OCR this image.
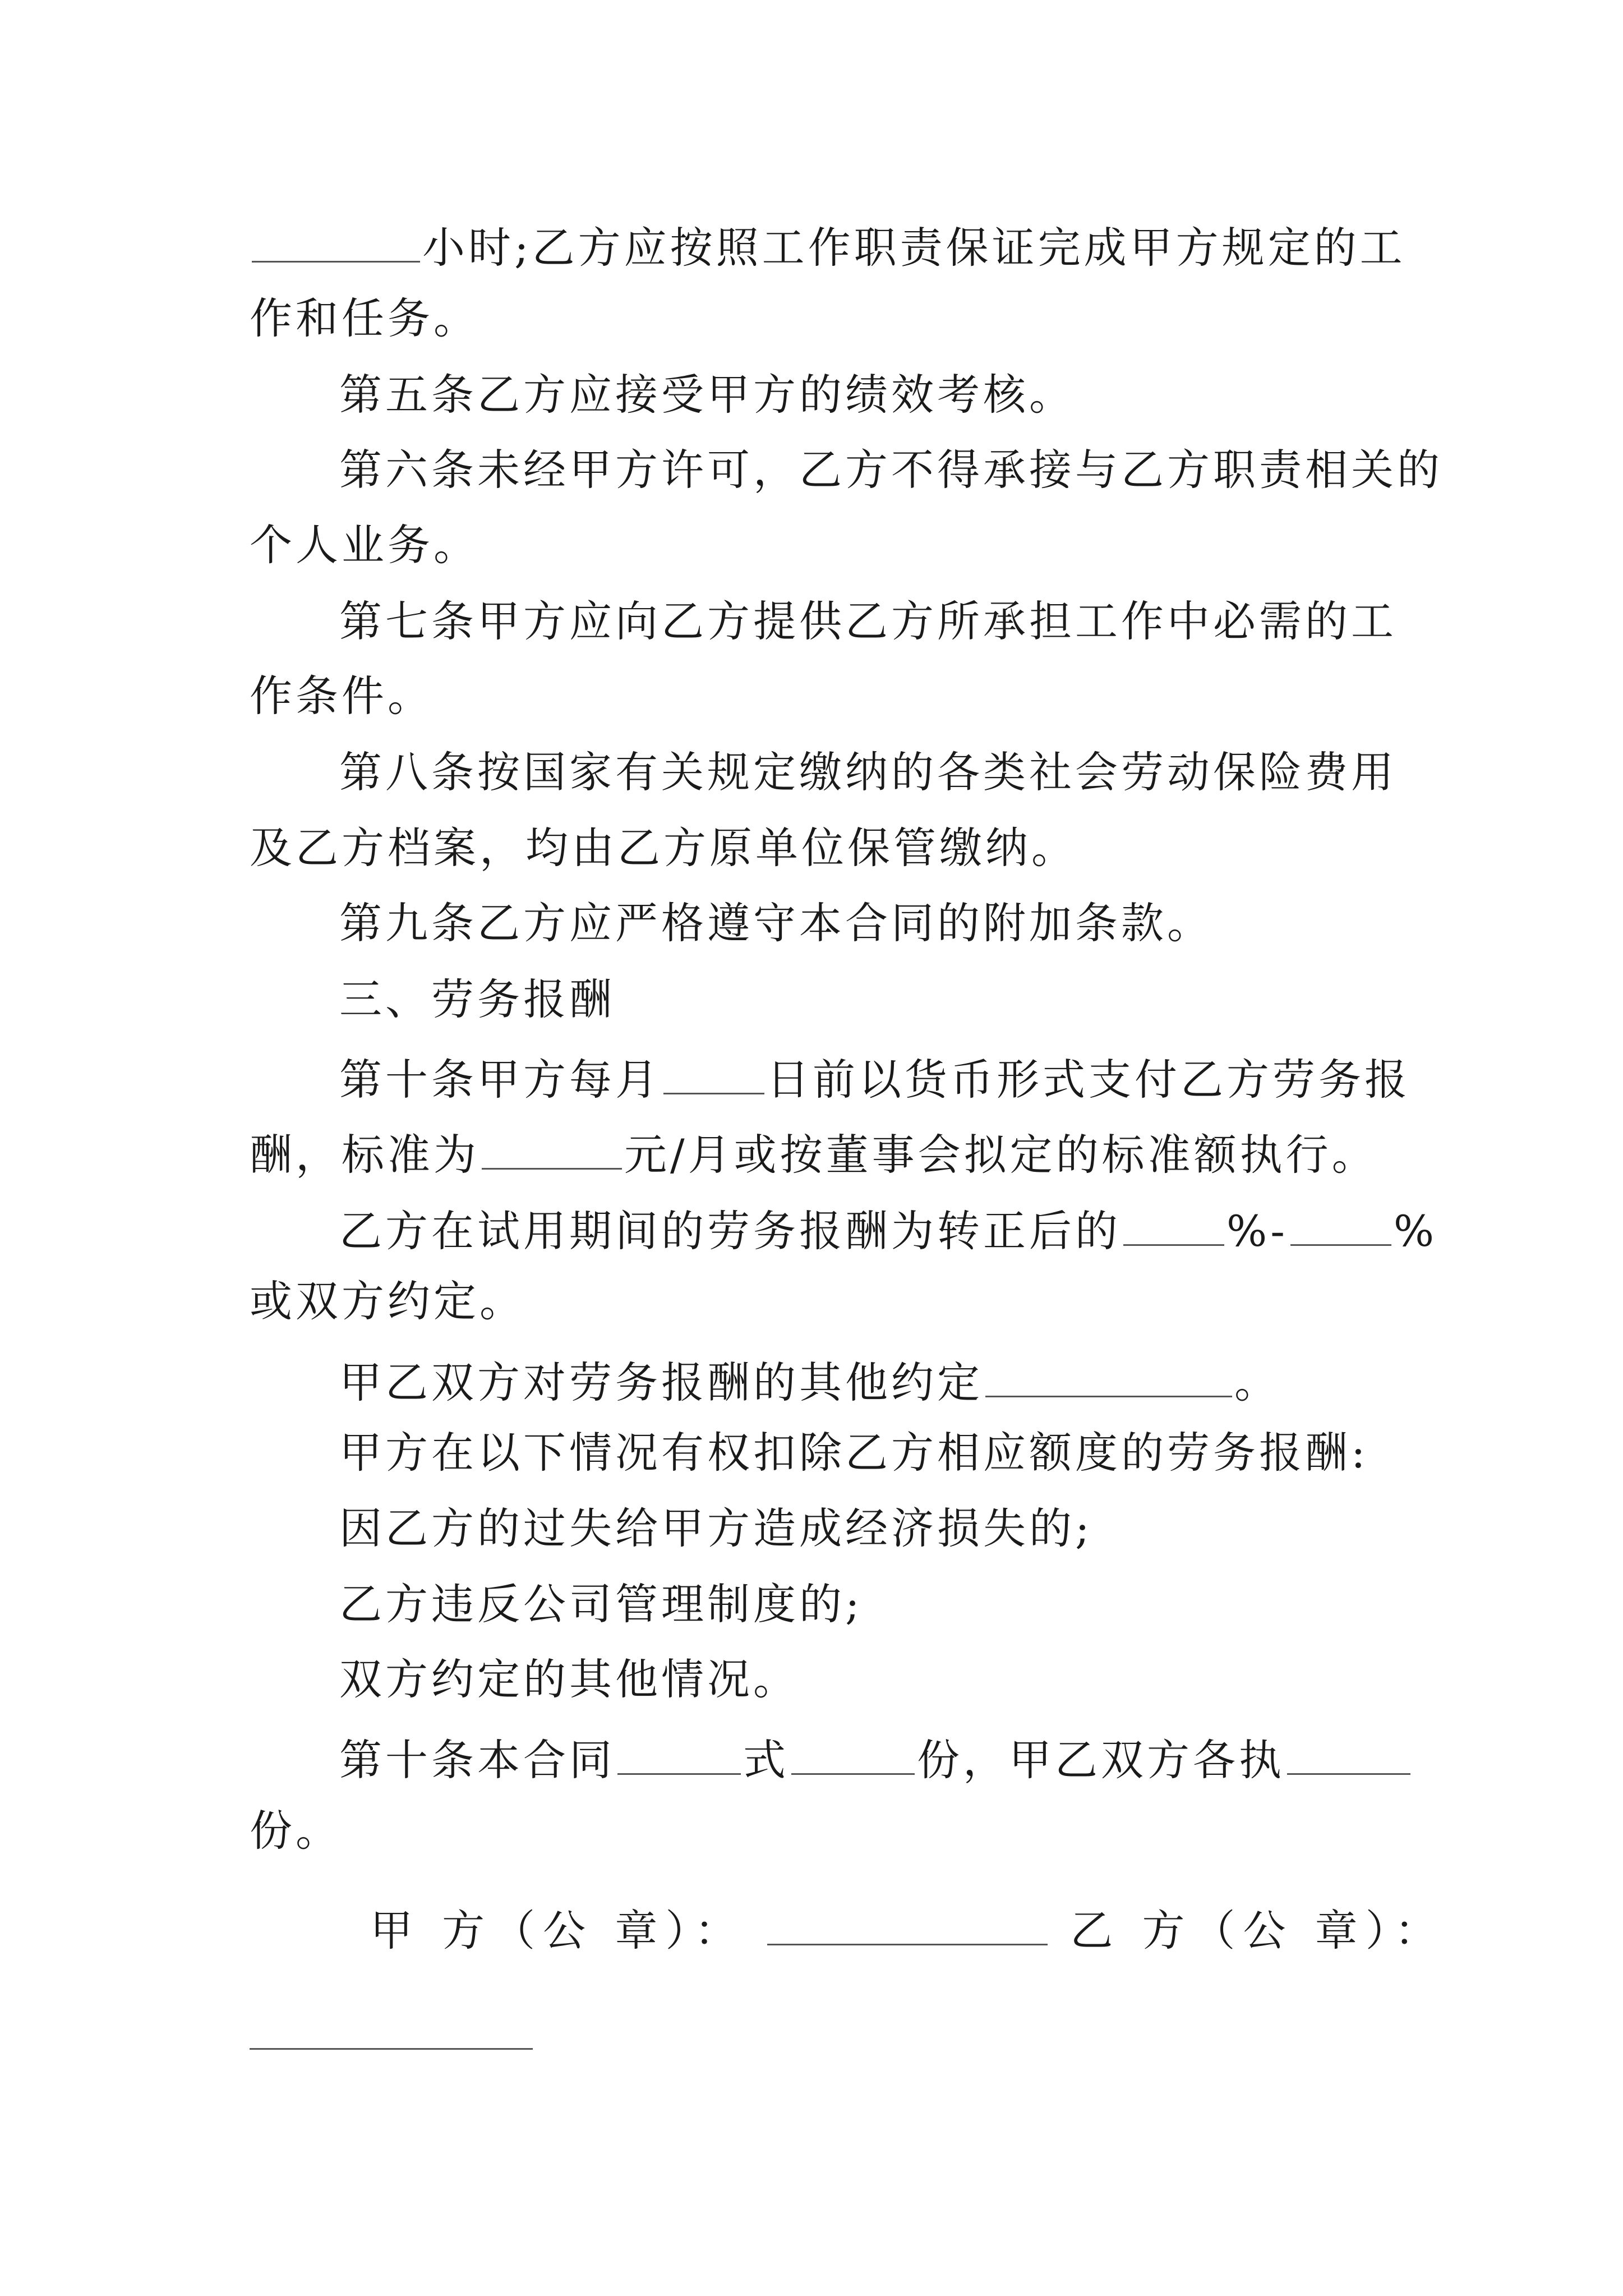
小时;乙方应按照工作职责保证完成甲方规定的工
作和任务。
第五条乙方应接受甲方的绩效考核。
第六条未经甲方许可，乙方不得承接与乙方职责相关的
个人业务。
第七条甲方应向乙方提供乙方所承担工作中必需的工
作条件。
第八条按国家有关规定缴纳的各类社会劳动保险费用
及乙方档案，均由乙方原单位保管缴纳。
第九条乙方应严格遵守本合同的附加条款。
三、劳务报酬
第十条甲方每月 日前以货币形式支付乙方劳务报
酬，标准为	元/月或按董事会拟定的标准额执行。
乙方在试用期间的劳务报酬为转正后的 %- %
或双方约定。
甲乙双方对劳务报酬的其他约定	。
甲方在以下情况有权扣除乙方相应额度的劳务报酬:
因乙方的过失给甲方造成经济损失的;
乙方违反公司管理制度的;
双方约定的其他情况。
第十条本合同	式	份，甲乙双方各执
份。
甲 方（公 章）：	乙 方（公 章）：
